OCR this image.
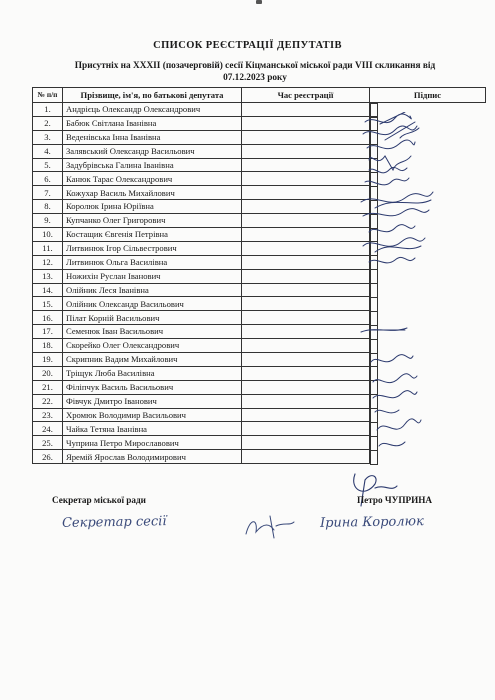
СПИСОК РЕЄСТРАЦІЇ ДЕПУТАТІВ
Присутніх на XXXII (позачерговій) сесії Кіцманської міської ради VIII скликання від
07.12.2023 року
№ п/п	Прізвище, ім'я, по батькові депутата	Час реєстрації	Підпис
1.	Андрієць Олександр Олександрович		

2.	Бабюк Світлана Іванівна		

3.	Веденівська Інна Іванівна		

4.	Залявський Олександр Васильович		

5.	Задубрівська Галина Іванівна		

6.	Канюк Тарас Олександрович		

7.	Кожухар Василь Михайлович		

8.	Королюк Ірина Юріївна		

9.	Купчанко Олег Григорович		

10.	Костащик Євгенія Петрівна		

11.	Литвинюк Ігор Сільвестрович		

12.	Литвинюк Ольга Василівна		

13.	Ножихін Руслан Іванович		

14.	Олійник Леся Іванівна		

15.	Олійник Олександр Васильович		

16.	Пілат Корній Васильович		

17.	Семенюк Іван Васильович		

18.	Скорейко Олег Олександрович		

19.	Скрипник Вадим Михайлович		

20.	Трiщук Люба Василівна		

21.	Філіпчук Василь Васильович		

22.	Фівчук Дмитро Іванович		

23.	Хромюк Володимир Васильович		

24.	Чайка Тетяна Іванівна		

25.	Чуприна Петро Мирославович		

26.	Яремій Ярослав Володимирович		
Секретар міської ради	Петро ЧУПРИНА
Секретар сесії	Ірина Королюк
